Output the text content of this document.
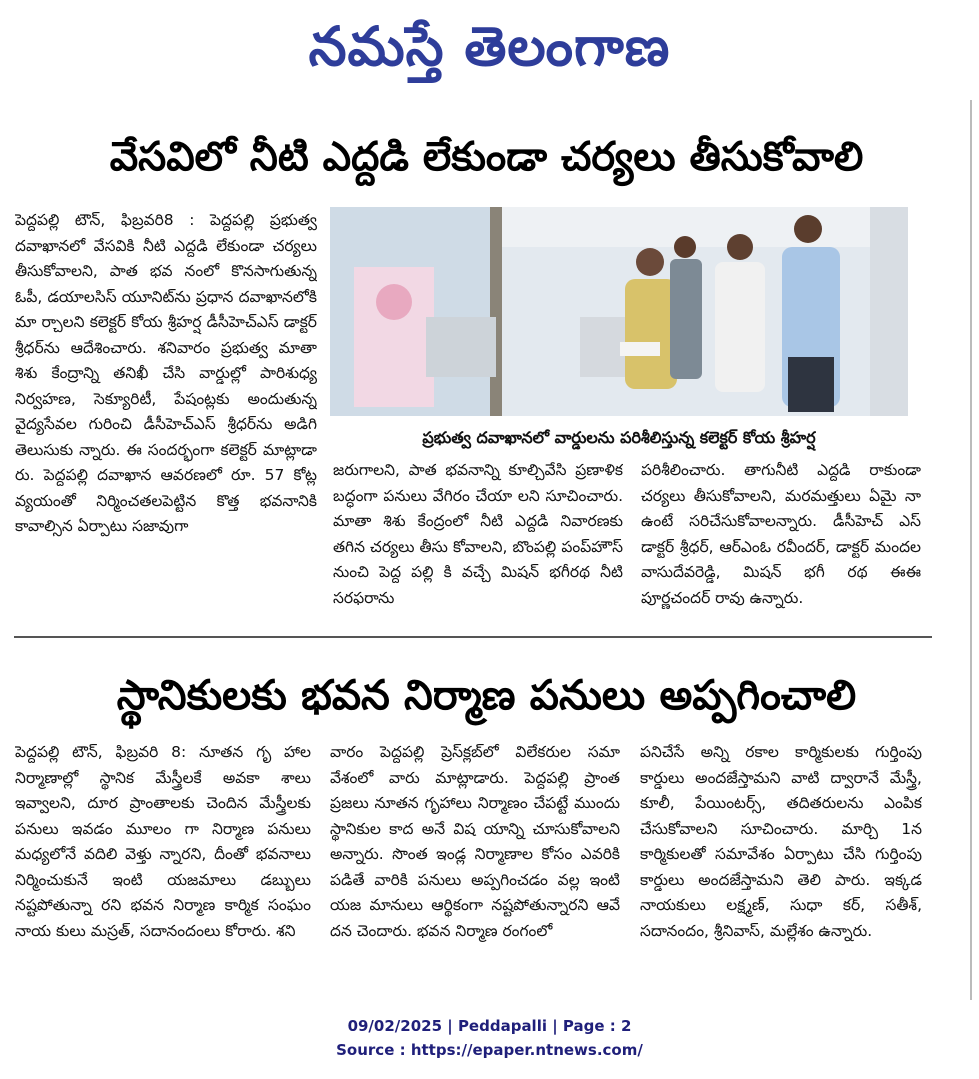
నమస్తే తెలంగాణ
వేసవిలో నీటి ఎద్దడి లేకుండా చర్యలు తీసుకోవాలి
పెద్దపల్లి టౌన్, ఫిబ్రవరి8 : పెద్దపల్లి ప్రభుత్వ దవాఖానలో వేసవికి నీటి ఎద్దడి లేకుండా చర్యలు తీసుకోవాలని, పాత భవ నంలో కొనసాగుతున్న ఓపీ, డయాలసిస్ యూనిట్‌ను ప్రధాన దవాఖానలోకి మా ర్చాలని కలెక్టర్ కోయ శ్రీహర్ష డీసీహెచ్ఎస్ డాక్టర్ శ్రీధర్‌ను ఆదేశించారు. శనివారం ప్రభుత్వ మాతా శిశు కేంద్రాన్ని తనిఖీ చేసి వార్డుల్లో పారిశుధ్య నిర్వహణ, సెక్యూరిటీ, పేషంట్లకు అందుతున్న వైద్యసేవల గురించి డీసీహెచ్ఎస్ శ్రీధర్‌ను అడిగి తెలుసుకు న్నారు. ఈ సందర్భంగా కలెక్టర్ మాట్లాడా రు. పెద్దపల్లి దవాఖాన ఆవరణలో రూ. 57 కోట్ల వ్యయంతో నిర్మించతలపెట్టిన కొత్త భవనానికి కావాల్సిన ఏర్పాటు సజావుగా
ప్రభుత్వ దవాఖానలో వార్డులను పరిశీలిస్తున్న కలెక్టర్ కోయ శ్రీహర్ష
జరుగాలని, పాత భవనాన్ని కూల్చివేసి ప్రణాళిక బద్ధంగా పనులు వేగిరం చేయా లని సూచించారు. మాతా శిశు కేంద్రంలో నీటి ఎద్దడి నివారణకు తగిన చర్యలు తీసు కోవాలని, బొంపల్లి పంప్‌హౌస్ నుంచి పెద్ద పల్లి కి వచ్చే మిషన్ భగీరథ నీటి సరఫరాను
పరిశీలించారు. తాగునీటి ఎద్దడి రాకుండా చర్యలు తీసుకోవాలని, మరమత్తులు ఏమై నా ఉంటే సరిచేసుకోవాలన్నారు. డీసీహెచ్ ఎస్ డాక్టర్ శ్రీధర్, ఆర్ఎంఓ రవీందర్, డాక్టర్ మందల వాసుదేవరెడ్డి, మిషన్ భగీ రథ ఈఈ పూర్ణచందర్ రావు ఉన్నారు.
స్థానికులకు భవన నిర్మాణ పనులు అప్పగించాలి
పెద్దపల్లి టౌన్, ఫిబ్రవరి 8: నూతన గృ హాల నిర్మాణాల్లో స్థానిక మేస్త్రీలకే అవకా శాలు ఇవ్వాలని, దూర ప్రాంతాలకు చెందిన మేస్త్రీలకు పనులు ఇవడం మూలం గా నిర్మాణ పనులు మధ్యలోనే వదిలి వెళ్తు న్నారని, దీంతో భవనాలు నిర్మించుకునే ఇంటి యజమాలు డబ్బులు నష్టపోతున్నా రని భవన నిర్మాణ కార్మిక సంఘం నాయ కులు మస్రత్, సదానందంలు కోరారు. శని
వారం పెద్దపల్లి ప్రెస్‌క్లబ్‌లో విలేకరుల సమా వేశంలో వారు మాట్లాడారు. పెద్దపల్లి ప్రాంత ప్రజలు నూతన గృహాలు నిర్మాణం చేపట్టే ముందు స్థానికుల కాద అనే విష యాన్ని చూసుకోవాలని అన్నారు. సొంత ఇండ్ల నిర్మాణాల కోసం ఎవరికి పడితే వారికి పనులు అప్పగించడం వల్ల ఇంటి యజ మానులు ఆర్థికంగా నష్టపోతున్నారని ఆవే దన చెందారు. భవన నిర్మాణ రంగంలో
పనిచేసే అన్ని రకాల కార్మికులకు గుర్తింపు కార్డులు అందజేస్తామని వాటి ద్వారానే మేస్త్రీ, కూలీ, పేయింటర్స్, తదితరులను ఎంపిక చేసుకోవాలని సూచించారు. మార్చి 1న కార్మికులతో సమావేశం ఏర్పాటు చేసి గుర్తింపు కార్డులు అందజేస్తామని తెలి పారు. ఇక్కడ నాయకులు లక్ష్మణ్, సుధా కర్, సతీశ్, సదానందం, శ్రీనివాస్, మల్లేశం ఉన్నారు.
09/02/2025 | Peddapalli | Page : 2
Source : https://epaper.ntnews.com/
